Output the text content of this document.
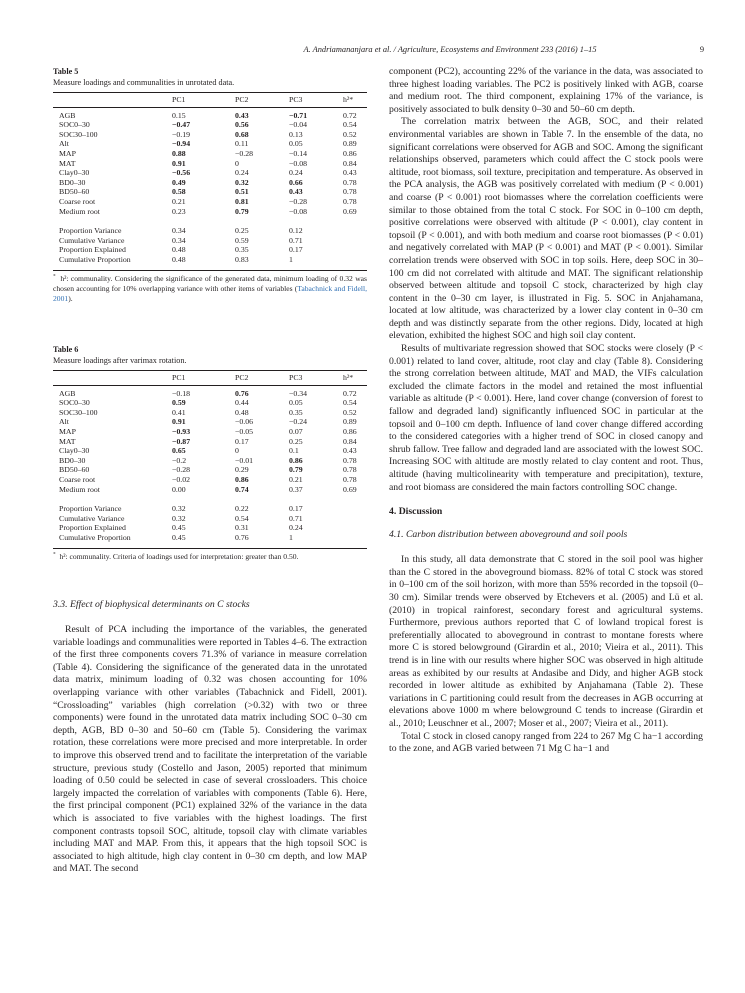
A. Andriamananjara et al. / Agriculture, Ecosystems and Environment 233 (2016) 1–15	9
Table 5
Measure loadings and communalities in unrotated data.
	PC1	PC2	PC3	h²*
AGB	0.15	0.43	−0.71	0.72
SOC0–30	−0.47	0.56	−0.04	0.54
SOC30–100	−0.19	0.68	0.13	0.52
Alt	−0.94	0.11	0.05	0.89
MAP	0.88	−0.28	−0.14	0.86
MAT	0.91	0	−0.08	0.84
Clay0–30	−0.56	0.24	0.24	0.43
BD0–30	0.49	0.32	0.66	0.78
BD50–60	0.58	0.51	0.43	0.78
Coarse root	0.21	0.81	−0.28	0.78
Medium root	0.23	0.79	−0.08	0.69
Proportion Variance	0.34	0.25	0.12	
Cumulative Variance	0.34	0.59	0.71	
Proportion Explained	0.48	0.35	0.17	
Cumulative Proportion	0.48	0.83	1	
* h²: communality. Considering the significance of the generated data, minimum loading of 0.32 was chosen accounting for 10% overlapping variance with other items of variables (Tabachnick and Fidell, 2001).
Table 6
Measure loadings after varimax rotation.
	PC1	PC2	PC3	h²*
AGB	−0.18	0.76	−0.34	0.72
SOC0–30	0.59	0.44	0.05	0.54
SOC30–100	0.41	0.48	0.35	0.52
Alt	0.91	−0.06	−0.24	0.89
MAP	−0.93	−0.05	0.07	0.86
MAT	−0.87	0.17	0.25	0.84
Clay0–30	0.65	0	0.1	0.43
BD0–30	−0.2	−0.01	0.86	0.78
BD50–60	−0.28	0.29	0.79	0.78
Coarse root	−0.02	0.86	0.21	0.78
Medium root	0.00	0.74	0.37	0.69
Proportion Variance	0.32	0.22	0.17	
Cumulative Variance	0.32	0.54	0.71	
Proportion Explained	0.45	0.31	0.24	
Cumulative Proportion	0.45	0.76	1	
* h²: communality. Criteria of loadings used for interpretation: greater than 0.50.
3.3. Effect of biophysical determinants on C stocks

Result of PCA including the importance of the variables, the generated variable loadings and communalities were reported in Tables 4–6. The extraction of the first three components covers 71.3% of variance in measure correlation (Table 4). Considering the significance of the generated data in the unrotated data matrix, minimum loading of 0.32 was chosen accounting for 10% overlapping variance with other variables (Tabachnick and Fidell, 2001). “Crossloading” variables (high correlation (>0.32) with two or three components) were found in the unrotated data matrix including SOC 0–30 cm depth, AGB, BD 0–30 and 50–60 cm (Table 5). Considering the varimax rotation, these correlations were more precised and more interpretable. In order to improve this observed trend and to facilitate the interpretation of the variable structure, previous study (Costello and Jason, 2005) reported that minimum loading of 0.50 could be selected in case of several crossloaders. This choice largely impacted the correlation of variables with components (Table 6). Here, the first principal component (PC1) explained 32% of the variance in the data which is associated to five variables with the highest loadings. The first component contrasts topsoil SOC, altitude, topsoil clay with climate variables including MAT and MAP. From this, it appears that the high topsoil SOC is associated to high altitude, high clay content in 0–30 cm depth, and low MAP and MAT. The second

component (PC2), accounting 22% of the variance in the data, was associated to three highest loading variables. The PC2 is positively linked with AGB, coarse and medium root. The third component, explaining 17% of the variance, is positively associated to bulk density 0–30 and 50–60 cm depth.

The correlation matrix between the AGB, SOC, and their related environmental variables are shown in Table 7. In the ensemble of the data, no significant correlations were observed for AGB and SOC. Among the significant relationships observed, parameters which could affect the C stock pools were altitude, root biomass, soil texture, precipitation and temperature. As observed in the PCA analysis, the AGB was positively correlated with medium (P < 0.001) and coarse (P < 0.001) root biomasses where the correlation coefficients were similar to those obtained from the total C stock. For SOC in 0–100 cm depth, positive correlations were observed with altitude (P < 0.001), clay content in topsoil (P < 0.001), and with both medium and coarse root biomasses (P < 0.01) and negatively correlated with MAP (P < 0.001) and MAT (P < 0.001). Similar correlation trends were observed with SOC in top soils. Here, deep SOC in 30–100 cm did not correlated with altitude and MAT. The significant relationship observed between altitude and topsoil C stock, characterized by high clay content in the 0–30 cm layer, is illustrated in Fig. 5. SOC in Anjahamana, located at low altitude, was characterized by a lower clay content in 0–30 cm depth and was distinctly separate from the other regions. Didy, located at high elevation, exhibited the highest SOC and high soil clay content.

Results of multivariate regression showed that SOC stocks were closely (P < 0.001) related to land cover, altitude, root clay and clay (Table 8). Considering the strong correlation between altitude, MAT and MAD, the VIFs calculation excluded the climate factors in the model and retained the most influential variable as altitude (P < 0.001). Here, land cover change (conversion of forest to fallow and degraded land) significantly influenced SOC in particular at the topsoil and 0–100 cm depth. Influence of land cover change differed according to the considered categories with a higher trend of SOC in closed canopy and shrub fallow. Tree fallow and degraded land are associated with the lowest SOC. Increasing SOC with altitude are mostly related to clay content and root. Thus, altitude (having multicolinearity with temperature and precipitation), texture, and root biomass are considered the main factors controlling SOC change.

4. Discussion
4.1. Carbon distribution between aboveground and soil pools

In this study, all data demonstrate that C stored in the soil pool was higher than the C stored in the aboveground biomass. 82% of total C stock was stored in 0–100 cm of the soil horizon, with more than 55% recorded in the topsoil (0–30 cm). Similar trends were observed by Etchevers et al. (2005) and Lü et al. (2010) in tropical rainforest, secondary forest and agricultural systems. Furthermore, previous authors reported that C of lowland tropical forest is preferentially allocated to aboveground in contrast to montane forests where more C is stored belowground (Girardin et al., 2010; Vieira et al., 2011). This trend is in line with our results where higher SOC was observed in high altitude areas as exhibited by our results at Andasibe and Didy, and higher AGB stock recorded in lower altitude as exhibited by Anjahamana (Table 2). These variations in C partitioning could result from the decreases in AGB occurring at elevations above 1000 m where belowground C tends to increase (Girardin et al., 2010; Leuschner et al., 2007; Moser et al., 2007; Vieira et al., 2011).

Total C stock in closed canopy ranged from 224 to 267 Mg C ha−1 according to the zone, and AGB varied between 71 Mg C ha−1 and
